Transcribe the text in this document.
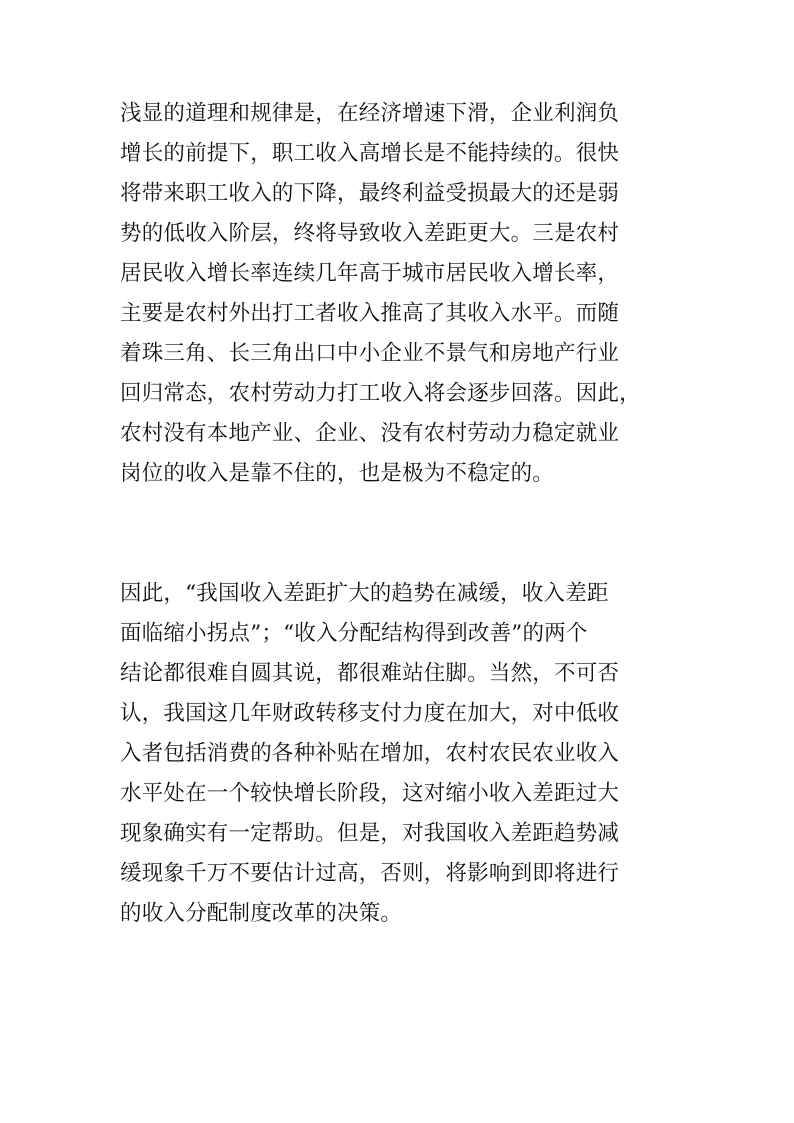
浅显的道理和规律是，在经济增速下滑，企业利润负
增长的前提下，职工收入高增长是不能持续的。很快
将带来职工收入的下降，最终利益受损最大的还是弱
势的低收入阶层，终将导致收入差距更大。三是农村
居民收入增长率连续几年高于城市居民收入增长率，
主要是农村外出打工者收入推高了其收入水平。而随
着珠三角、长三角出口中小企业不景气和房地产行业
回归常态，农村劳动力打工收入将会逐步回落。因此，
农村没有本地产业、企业、没有农村劳动力稳定就业
岗位的收入是靠不住的，也是极为不稳定的。
因此，“我国收入差距扩大的趋势在减缓，收入差距
面临缩小拐点”；“收入分配结构得到改善”的两个
结论都很难自圆其说，都很难站住脚。当然，不可否
认，我国这几年财政转移支付力度在加大，对中低收
入者包括消费的各种补贴在增加，农村农民农业收入
水平处在一个较快增长阶段，这对缩小收入差距过大
现象确实有一定帮助。但是，对我国收入差距趋势减
缓现象千万不要估计过高，否则，将影响到即将进行
的收入分配制度改革的决策。
